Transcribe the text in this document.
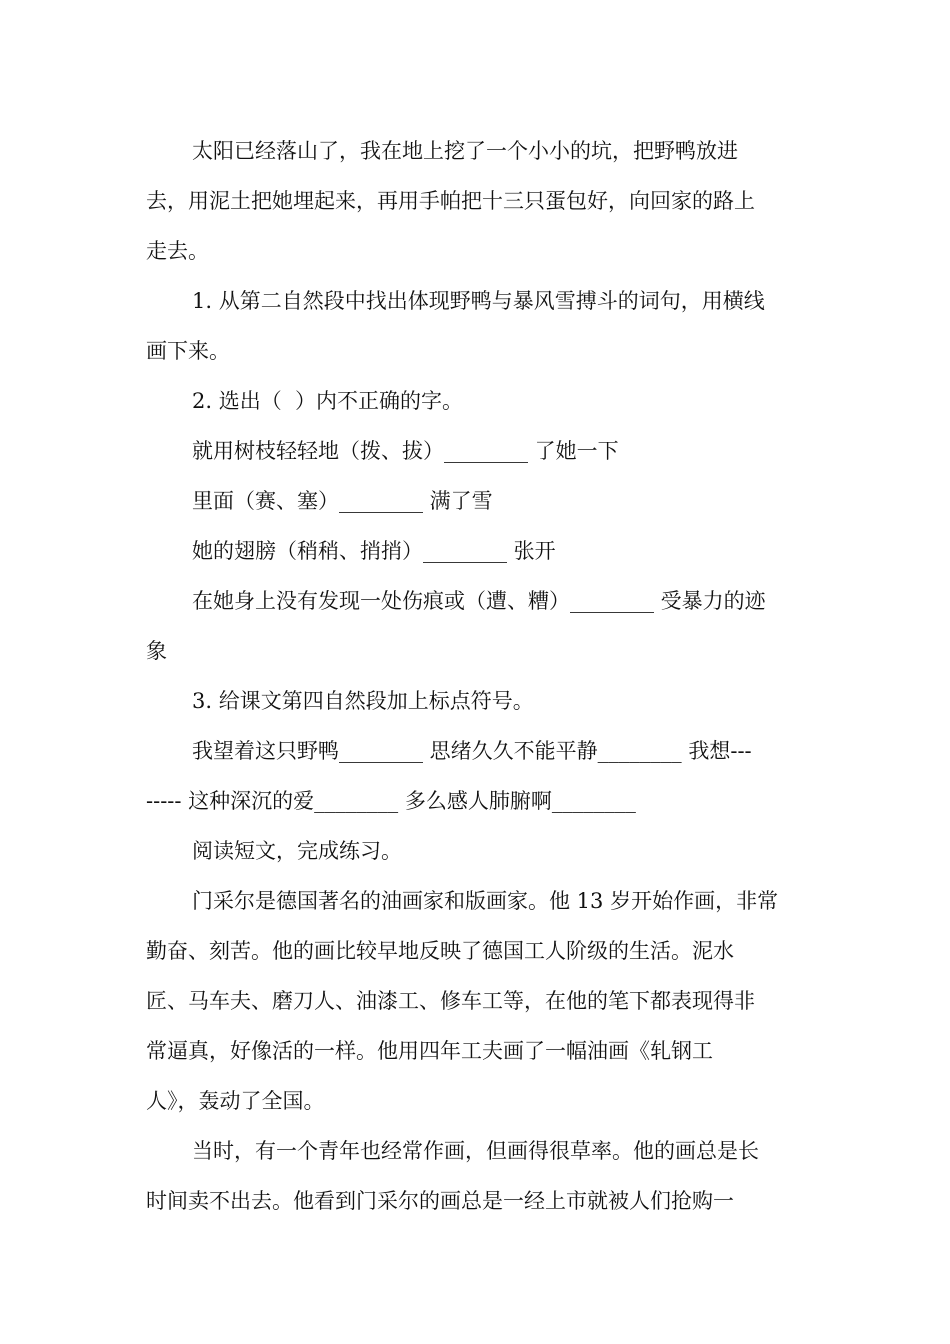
太阳已经落山了，我在地上挖了一个小小的坑，把野鸭放进
去，用泥土把她埋起来，再用手帕把十三只蛋包好，向回家的路上
走去。
1. 从第二自然段中找出体现野鸭与暴风雪搏斗的词句，用横线
画下来。
2. 选出（  ）内不正确的字。
就用树枝轻轻地（拨、拔）________ 了她一下
里面（赛、塞）________ 满了雪
她的翅膀（稍稍、捎捎）________ 张开
在她身上没有发现一处伤痕或（遭、糟）________ 受暴力的迹
象
3. 给课文第四自然段加上标点符号。
我望着这只野鸭________ 思绪久久不能平静________ 我想---
----- 这种深沉的爱________ 多么感人肺腑啊________
阅读短文，完成练习。
门采尔是德国著名的油画家和版画家。他 13 岁开始作画，非常
勤奋、刻苦。他的画比较早地反映了德国工人阶级的生活。泥水
匠、马车夫、磨刀人、油漆工、修车工等，在他的笔下都表现得非
常逼真，好像活的一样。他用四年工夫画了一幅油画《轧钢工
人》，轰动了全国。
当时，有一个青年也经常作画，但画得很草率。他的画总是长
时间卖不出去。他看到门采尔的画总是一经上市就被人们抢购一
